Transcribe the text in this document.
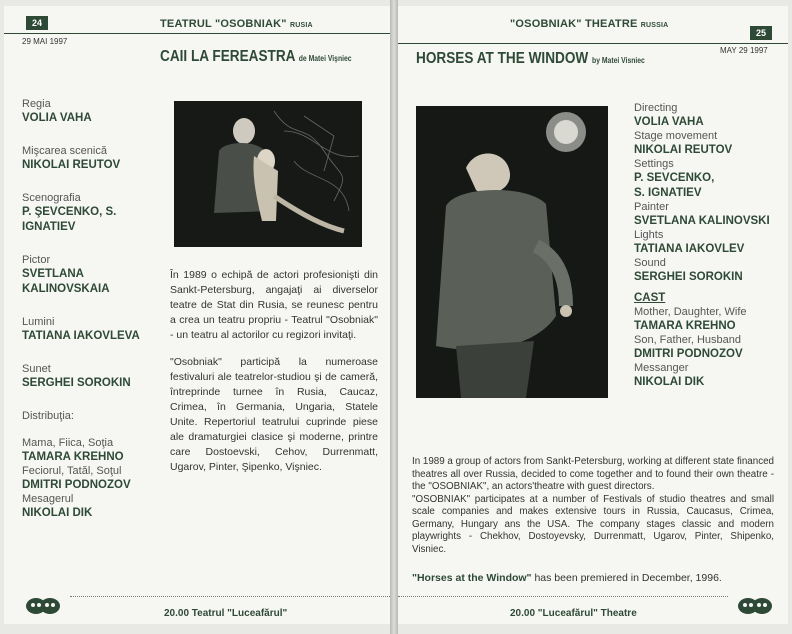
24	TEATRUL "OSOBNIAK" RUSIA
29 MAI 1997
CAII LA FEREASTRA de Matei Vişniec
Regia
VOLIA VAHA
Mişcarea scenică
NIKOLAI REUTOV
Scenografia
P. ŞEVCENKO, S. IGNATIEV
Pictor
SVETLANA KALINOVSKAIA
Lumini
TATIANA IAKOVLEVA
Sunet
SERGHEI SOROKIN
Distribuţia:
Mama, Fiica, Soţia
TAMARA KREHNO
Feciorul, Tatăl, Soţul
DMITRI PODNOZOV
Mesagerul
NIKOLAI DIK

În 1989 o echipă de actori profesionişti din Sankt-Petersburg, angajaţi ai diverselor teatre de Stat din Rusia, se reunesc pentru a crea un teatru propriu - Teatrul "Osobniak" - un teatru al actorilor cu regizori invitaţi.

"Osobniak" participă la numeroase festivaluri ale teatrelor-studiou şi de cameră, întreprinde turnee în Rusia, Caucaz, Crimea, în Germania, Ungaria, Statele Unite. Repertoriul teatrului cuprinde piese ale dramaturgiei clasice şi moderne, printre care Dostoevski, Cehov, Durrenmatt, Ugarov, Pinter, Şipenko, Vişniec.

20.00 Teatrul "Luceafărul"
"OSOBNIAK" THEATRE RUSSIA
25
MAY 29 1997
HORSES AT THE WINDOW by Matei Visniec
Directing
VOLIA VAHA
Stage movement
NIKOLAI REUTOV
Settings
P. SEVCENKO,
S. IGNATIEV
Painter
SVETLANA KALINOVSKI
Lights
TATIANA IAKOVLEV
Sound
SERGHEI SOROKIN
CAST
Mother, Daughter, Wife
TAMARA KREHNO
Son, Father, Husband
DMITRI PODNOZOV
Messanger
NIKOLAI DIK

In 1989 a group of actors from Sankt-Petersburg, working at different state financed theatres all over Russia, decided to come together and to found their own theatre - the "OSOBNIAK", an actors'theatre with guest directors.

"OSOBNIAK" participates at a number of Festivals of studio theatres and small scale companies and makes extensive tours in Russia, Caucasus, Crimea, Germany, Hungary ans the USA. The company stages classic and modern playwrights - Chekhov, Dostoyevsky, Durrenmatt, Ugarov, Pinter, Shipenko, Visniec.

"Horses at the Window" has been premiered in December, 1996.
20.00 "Luceafărul" Theatre
